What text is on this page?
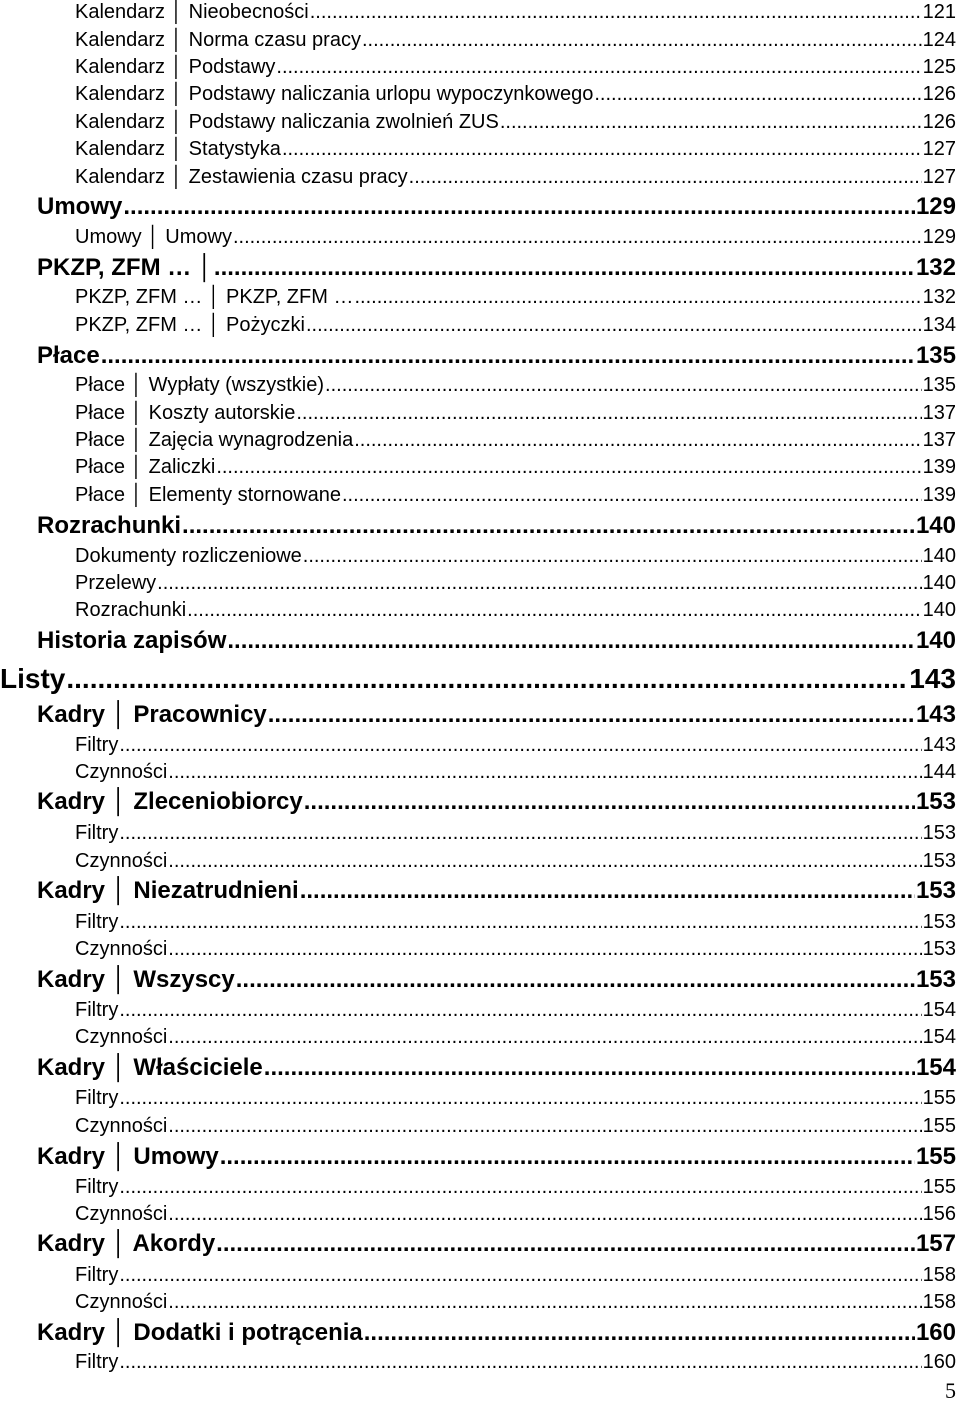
Kalendarz │ Nieobecności .....	121
Kalendarz │ Norma czasu pracy .....	124
Kalendarz │ Podstawy .....	125
Kalendarz │ Podstawy naliczania urlopu wypoczynkowego .....	126
Kalendarz │ Podstawy naliczania zwolnień ZUS .....	126
Kalendarz │ Statystyka .....	127
Kalendarz │ Zestawienia czasu pracy .....	127
Umowy .....	129
Umowy │ Umowy .....	129
PKZP, ZFM … │ .....	132
PKZP, ZFM … │ PKZP, ZFM … .....	132
PKZP, ZFM … │ Pożyczki .....	134
Płace .....	135
Płace │ Wypłaty (wszystkie) .....	135
Płace │ Koszty autorskie .....	137
Płace │ Zajęcia wynagrodzenia .....	137
Płace │ Zaliczki .....	139
Płace │ Elementy stornowane .....	139
Rozrachunki .....	140
Dokumenty rozliczeniowe .....	140
Przelewy .....	140
Rozrachunki .....	140
Historia zapisów .....	140
Listy .....	143
Kadry │ Pracownicy .....	143
Filtry .....	143
Czynności .....	144
Kadry │ Zleceniobiorcy .....	153
Filtry .....	153
Czynności .....	153
Kadry │ Niezatrudnieni .....	153
Filtry .....	153
Czynności .....	153
Kadry │ Wszyscy .....	153
Filtry .....	154
Czynności .....	154
Kadry │ Właściciele .....	154
Filtry .....	155
Czynności .....	155
Kadry │ Umowy .....	155
Filtry .....	155
Czynności .....	156
Kadry │ Akordy .....	157
Filtry .....	158
Czynności .....	158
Kadry │ Dodatki i potrącenia .....	160
Filtry .....	160
5
